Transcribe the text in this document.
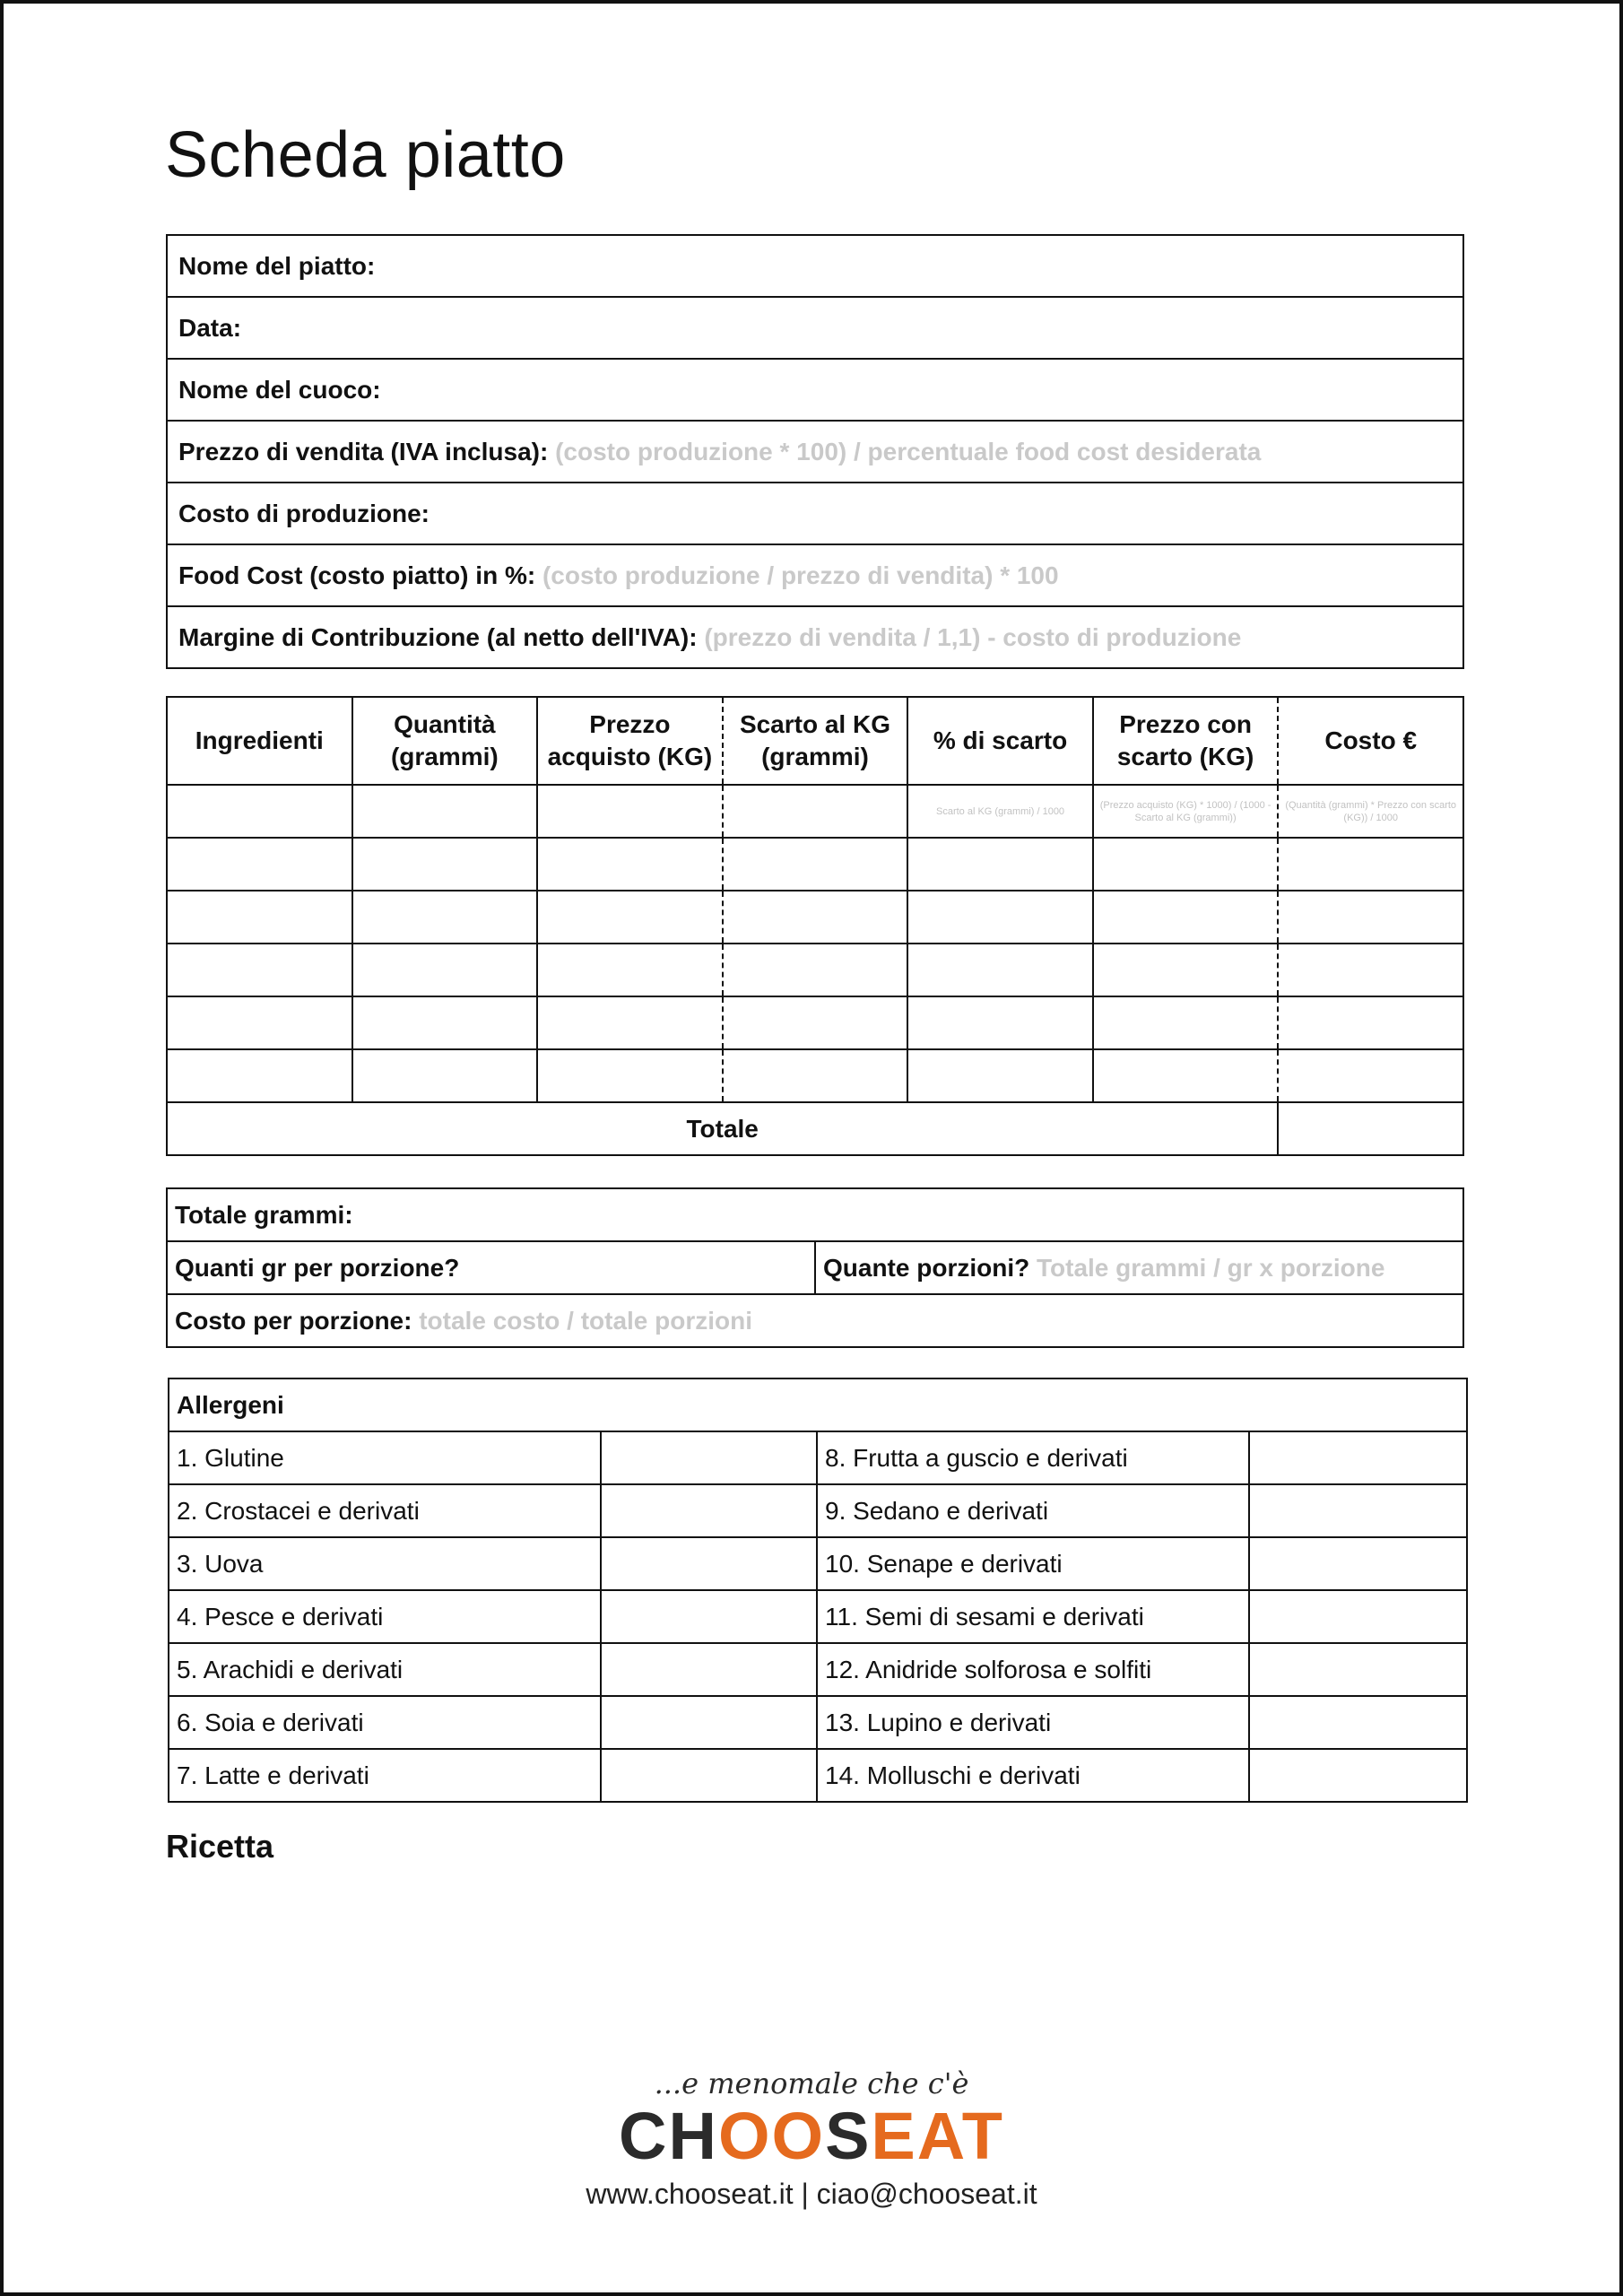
Scheda piatto
Nome del piatto:
Data:
Nome del cuoco:
Prezzo di vendita (IVA inclusa): (costo produzione * 100) / percentuale food cost desiderata
Costo di produzione:
Food Cost (costo piatto) in %: (costo produzione / prezzo di vendita) * 100
Margine di Contribuzione (al netto dell'IVA): (prezzo di vendita / 1,1) - costo di produzione
Ingredienti	Quantità (grammi)	Prezzo acquisto (KG)	Scarto al KG (grammi)	% di scarto	Prezzo con scarto (KG)	Costo €
				Scarto al KG (grammi) / 1000	(Prezzo acquisto (KG) * 1000) / (1000 - Scarto al KG (grammi))	(Quantità (grammi) * Prezzo con scarto (KG)) / 1000

Totale						
Totale grammi:
Quanti gr per porzione?	Quante porzioni? Totale grammi / gr x porzione
Costo per porzione: totale costo / totale porzioni
Allergeni			
1. Glutine		8. Frutta a guscio e derivati	
2. Crostacei e derivati		9. Sedano e derivati	
3. Uova		10. Senape e derivati	
4. Pesce e derivati		11. Semi di sesami e derivati	
5. Arachidi e derivati		12. Anidride solforosa e solfiti	
6. Soia e derivati		13. Lupino e derivati	
7. Latte e derivati		14. Molluschi e derivati	
Ricetta
...e menomale che c'è
CHOOSEAT
www.chooseat.it | ciao@chooseat.it
